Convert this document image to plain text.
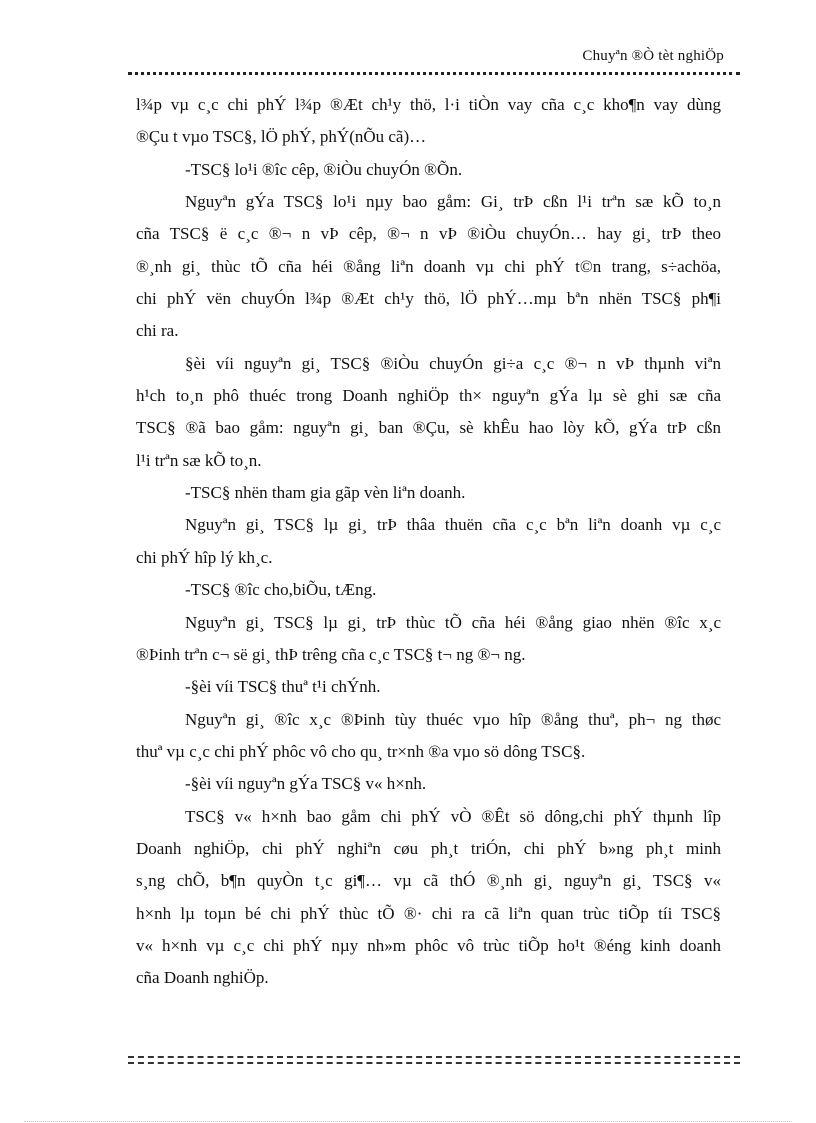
Chuyªn ®Ò tèt nghiÖp
l¾p vµ c¸c chi phÝ l¾p ®Æt ch¹y thö, l·i tiÒn vay cña c¸c kho¶n vay dùng
®Çu t vµo TSC§, lÖ phÝ, phÝ(nÕu cã)…
-TSC§ lo¹i ®îc cêp, ®iÒu chuyÓn ®Õn.
Nguyªn gÝa TSC§ lo¹i nµy bao gåm: Gi¸ trÞ cßn l¹i trªn sæ kÕ to¸n
cña TSC§ ë c¸c ®¬ n vÞ cêp, ®¬ n vÞ ®iÒu chuyÓn… hay gi¸ trÞ theo
®¸nh gi¸ thùc tÕ cña héi ®ång liªn doanh vµ chi phÝ t©n trang, s÷achöa,
chi phÝ vën chuyÓn l¾p ®Æt ch¹y thö, lÖ phÝ…mµ bªn nhën TSC§ ph¶i
chi ra.
§èi víi nguyªn gi¸ TSC§ ®iÒu chuyÓn gi÷a c¸c ®¬ n vÞ thµnh viªn
h¹ch to¸n phô thuéc trong Doanh nghiÖp th× nguyªn gÝa lµ sè ghi sæ cña
TSC§ ®ã bao gåm: nguyªn gi¸ ban ®Çu, sè khÊu hao lòy kÕ, gÝa trÞ cßn
l¹i trªn sæ kÕ to¸n.
-TSC§ nhën tham gia gãp vèn liªn doanh.
Nguyªn gi¸ TSC§ lµ gi¸ trÞ thâa thuën cña c¸c bªn liªn doanh vµ c¸c
chi phÝ hîp lý kh¸c.
-TSC§ ®îc cho,biÕu, tÆng.
Nguyªn gi¸ TSC§ lµ gi¸ trÞ thùc tÕ cña héi ®ång giao nhën ®îc x¸c
®Þinh trªn c¬ së gi¸ thÞ trêng cña c¸c TSC§ t¬ ng ®¬ ng.
-§èi víi TSC§ thuª t¹i chÝnh.
Nguyªn gi¸ ®îc x¸c ®Þinh tùy thuéc vµo hîp ®ång thuª, ph¬ ng thøc
thuª vµ c¸c chi phÝ phôc vô cho qu¸ tr×nh ®a vµo sö dông TSC§.
-§èi víi nguyªn gÝa TSC§ v« h×nh.
TSC§ v« h×nh bao gåm chi phÝ vÒ ®Êt sö dông,chi phÝ thµnh lîp
Doanh nghiÖp, chi phÝ nghiªn cøu ph¸t triÓn, chi phÝ b»ng ph¸t minh
s¸ng chÕ, b¶n quyÒn t¸c gi¶… vµ cã thÓ ®¸nh gi¸ nguyªn gi¸ TSC§ v«
h×nh lµ toµn bé chi phÝ thùc tÕ ®· chi ra cã liªn quan trùc tiÕp tíi TSC§
v« h×nh vµ c¸c chi phÝ nµy nh»m phôc vô trùc tiÕp ho¹t ®éng kinh doanh
cña Doanh nghiÖp.
